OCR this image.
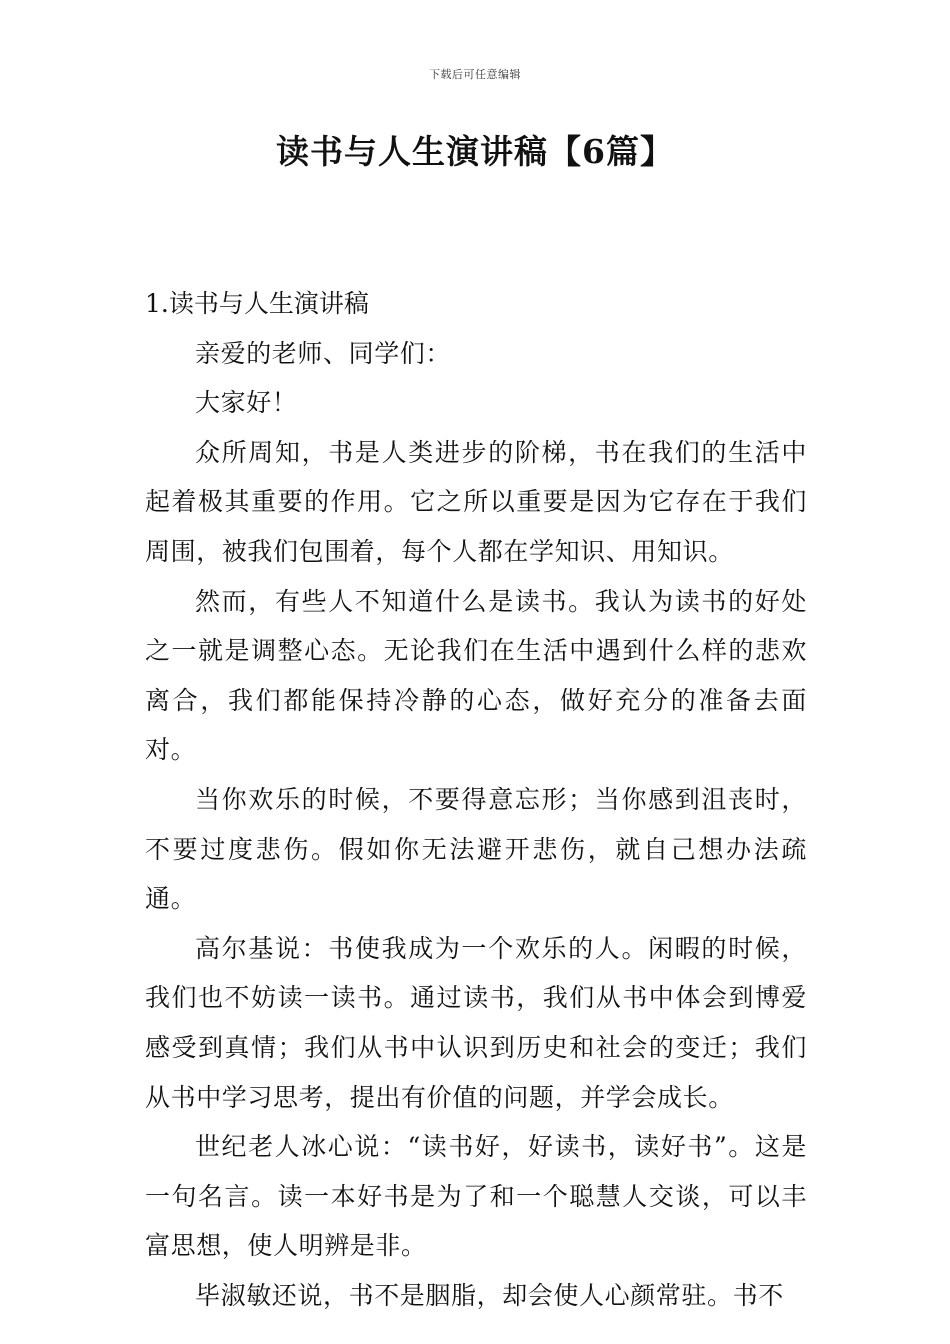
下载后可任意编辑
读书与人生演讲稿【6篇】
1.读书与人生演讲稿

亲爱的老师、同学们：

大家好！

众所周知，书是人类进步的阶梯，书在我们的生活中起着极其重要的作用。它之所以重要是因为它存在于我们周围，被我们包围着，每个人都在学知识、用知识。

然而，有些人不知道什么是读书。我认为读书的好处之一就是调整心态。无论我们在生活中遇到什么样的悲欢离合，我们都能保持冷静的心态，做好充分的准备去面对。

当你欢乐的时候，不要得意忘形；当你感到沮丧时，不要过度悲伤。假如你无法避开悲伤，就自己想办法疏通。

高尔基说：书使我成为一个欢乐的人。闲暇的时候，我们也不妨读一读书。通过读书，我们从书中体会到博爱感受到真情；我们从书中认识到历史和社会的变迁；我们从书中学习思考，提出有价值的问题，并学会成长。

世纪老人冰心说：“读书好，好读书，读好书”。这是一句名言。读一本好书是为了和一个聪慧人交谈，可以丰富思想，使人明辨是非。

毕淑敏还说，书不是胭脂，却会使人心颜常驻。书不
